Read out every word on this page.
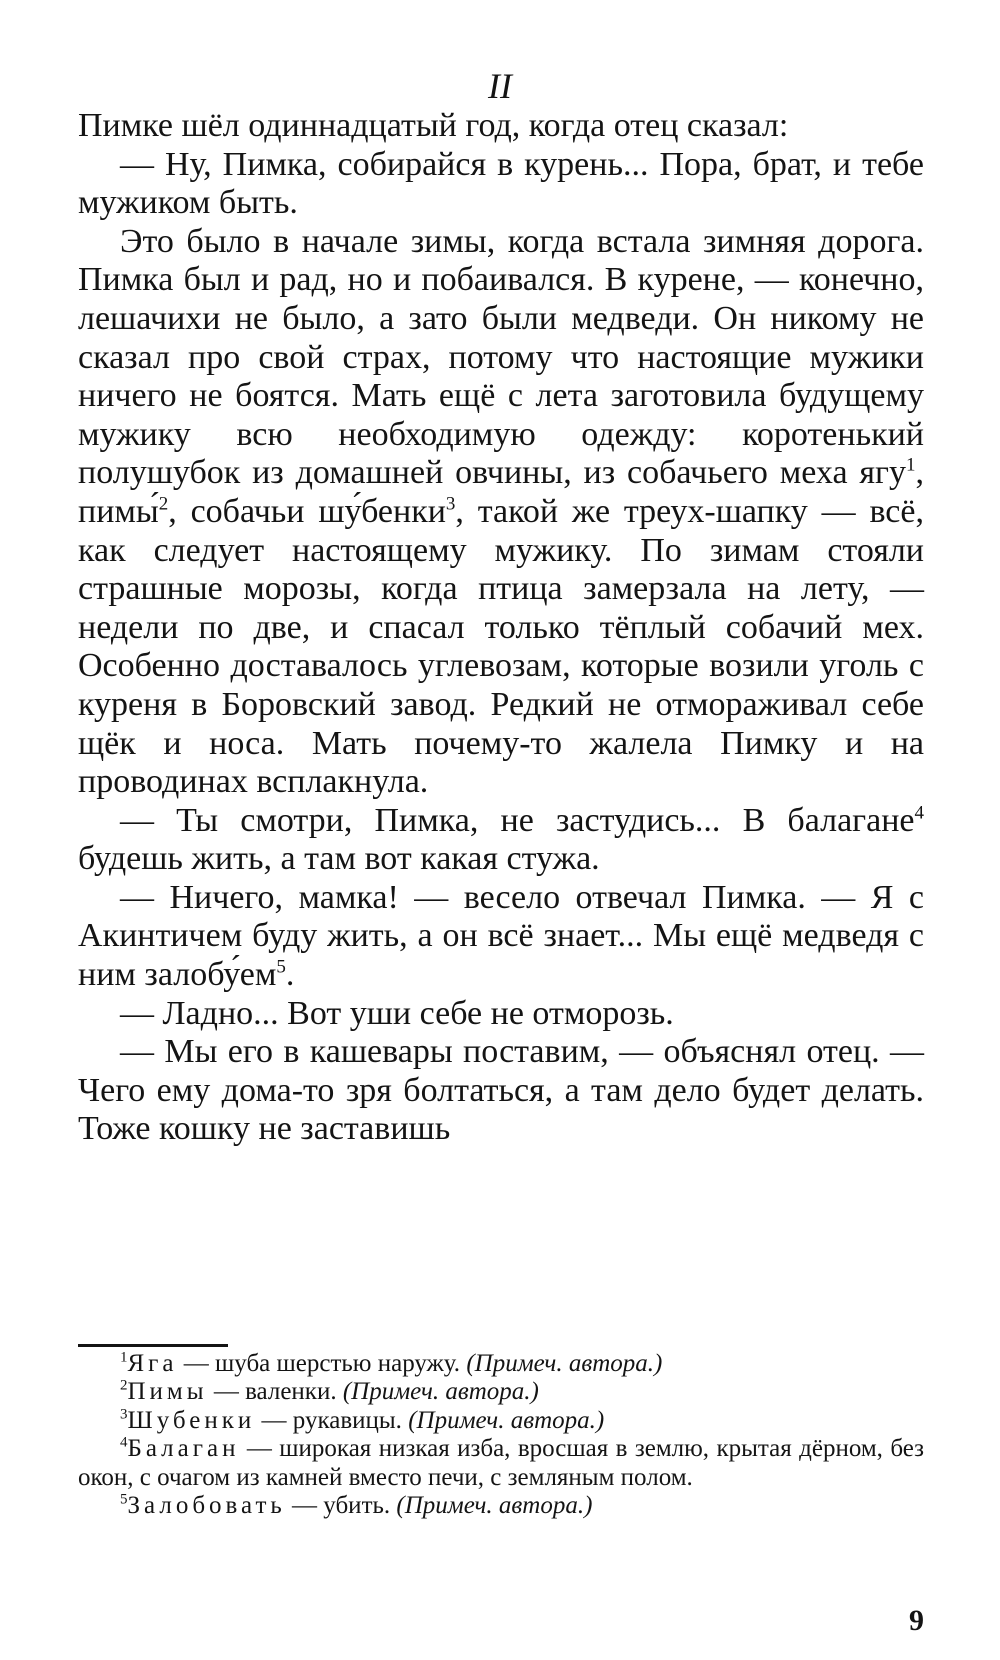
II

Пимке шёл одиннадцатый год, когда отец сказал:

— Ну, Пимка, собирайся в курень... Пора, брат, и тебе мужиком быть.

Это было в начале зимы, когда встала зимняя дорога. Пимка был и рад, но и побаивался. В курене, — конечно, лешачихи не было, а зато были медведи. Он никому не сказал про свой страх, потому что настоящие мужики ничего не боятся. Мать ещё с лета заготовила будущему мужику всю необходимую одежду: коротенький полушубок из домашней овчины, из собачьего меха ягу$^1$, пимы́$^2$, собачьи шу́бенки$^3$, такой же треух-шапку — всё, как следует настоящему мужику. По зимам стояли страшные морозы, когда птица замерзала на лету, — недели по две, и спасал только тёплый собачий мех. Особенно доставалось углевозам, которые возили уголь с куреня в Боровский завод. Редкий не отмораживал себе щёк и носа. Мать почему-то жалела Пимку и на проводинах всплакнула.

— Ты смотри, Пимка, не застудись... В балагане$^4$ будешь жить, а там вот какая стужа.

— Ничего, мамка! — весело отвечал Пимка. — Я с Акинтичем буду жить, а он всё знает... Мы ещё медведя с ним $залобу́ем^5$.

— Ладно... Вот уши себе не отморозь.

— Мы его в кашевары поставим, — объяснял отец. — Чего ему дома-то зря болтаться, а там дело будет делать. Тоже кошку не заставишь

$^1$Яга — шуба шерстью наружу. (Примеч. автора.)

$^2$Пимы — валенки. (Примеч. автора.)

$^3$Шубенки — рукавицы. (Примеч. автора.)

$^4$Балаган — широкая низкая изба, вросшая в землю, крытая дёрном, без окон, с очагом из камней вместо печи, с земляным полом.

$^5$Залобовать — убить. (Примеч. автора.)

9
